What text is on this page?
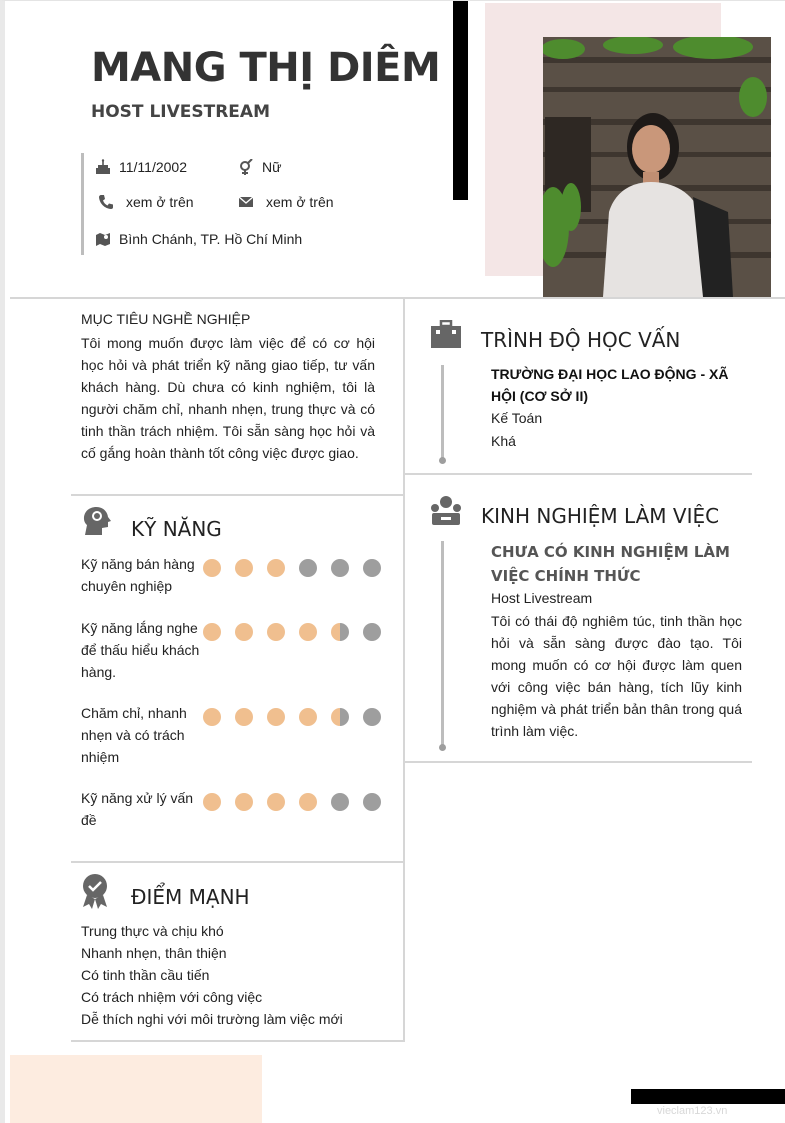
MANG THỊ DIÊM
HOST LIVESTREAM
11/11/2002	Nữ
xem ở trên	xem ở trên
Bình Chánh, TP. Hồ Chí Minh
MỤC TIÊU NGHỀ NGHIỆP
Tôi mong muốn được làm việc để có cơ hội học hỏi và phát triển kỹ năng giao tiếp, tư vấn khách hàng. Dù chưa có kinh nghiệm, tôi là người chăm chỉ, nhanh nhẹn, trung thực và có tinh thần trách nhiệm. Tôi sẵn sàng học hỏi và cố gắng hoàn thành tốt công việc được giao.
KỸ NĂNG
Kỹ năng bán hàng chuyên nghiệp
Kỹ năng lắng nghe để thấu hiểu khách hàng.
Chăm chỉ, nhanh nhẹn và có trách nhiệm
Kỹ năng xử lý vấn đề
ĐIỂM MẠNH
Trung thực và chịu khó
Nhanh nhẹn, thân thiện
Có tinh thần cầu tiến
Có trách nhiệm với công việc
Dễ thích nghi với môi trường làm việc mới
TRÌNH ĐỘ HỌC VẤN
TRƯỜNG ĐẠI HỌC LAO ĐỘNG - XÃ HỘI (CƠ SỞ II)
Kế Toán
Khá
KINH NGHIỆM LÀM VIỆC
CHƯA CÓ KINH NGHIỆM LÀM VIỆC CHÍNH THỨC
Host Livestream
Tôi có thái độ nghiêm túc, tinh thần học hỏi và sẵn sàng được đào tạo. Tôi mong muốn có cơ hội được làm quen với công việc bán hàng, tích lũy kinh nghiệm và phát triển bản thân trong quá trình làm việc.
vieclam123.vn
